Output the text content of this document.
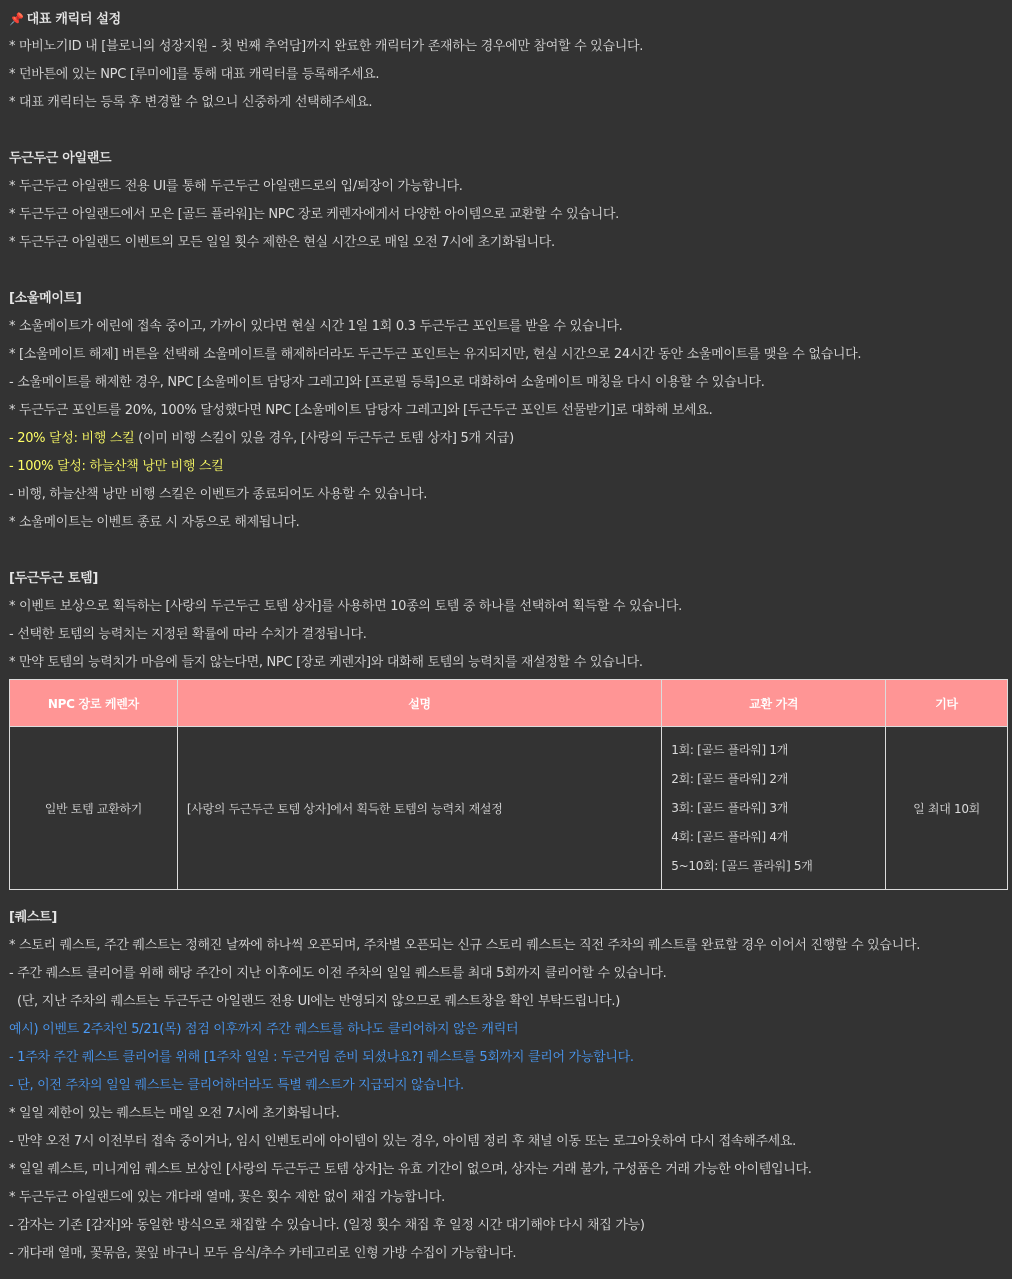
📌 대표 캐릭터 설정
* 마비노기ID 내 [블로니의 성장지원 - 첫 번째 추억담]까지 완료한 캐릭터가 존재하는 경우에만 참여할 수 있습니다.
* 던바튼에 있는 NPC [루미에]를 통해 대표 캐릭터를 등록해주세요.
* 대표 캐릭터는 등록 후 변경할 수 없으니 신중하게 선택해주세요.
두근두근 아일랜드
* 두근두근 아일랜드 전용 UI를 통해 두근두근 아일랜드로의 입/퇴장이 가능합니다.
* 두근두근 아일랜드에서 모은 [골드 플라워]는 NPC 장로 케렌자에게서 다양한 아이템으로 교환할 수 있습니다.
* 두근두근 아일랜드 이벤트의 모든 일일 횟수 제한은 현실 시간으로 매일 오전 7시에 초기화됩니다.
[소울메이트]
* 소울메이트가 에린에 접속 중이고, 가까이 있다면 현실 시간 1일 1회 0.3 두근두근 포인트를 받을 수 있습니다.
* [소울메이트 해제] 버튼을 선택해 소울메이트를 해제하더라도 두근두근 포인트는 유지되지만, 현실 시간으로 24시간 동안 소울메이트를 맺을 수 없습니다.
- 소울메이트를 해제한 경우, NPC [소울메이트 담당자 그레고]와 [프로필 등록]으로 대화하여 소울메이트 매칭을 다시 이용할 수 있습니다.
* 두근두근 포인트를 20%, 100% 달성했다면 NPC [소울메이트 담당자 그레고]와 [두근두근 포인트 선물받기]로 대화해 보세요.
- 20% 달성: 비행 스킬 (이미 비행 스킬이 있을 경우, [사랑의 두근두근 토템 상자] 5개 지급)
- 100% 달성: 하늘산책 낭만 비행 스킬
- 비행, 하늘산책 낭만 비행 스킬은 이벤트가 종료되어도 사용할 수 있습니다.
* 소울메이트는 이벤트 종료 시 자동으로 해제됩니다.
[두근두근 토템]
* 이벤트 보상으로 획득하는 [사랑의 두근두근 토템 상자]를 사용하면 10종의 토템 중 하나를 선택하여 획득할 수 있습니다.
- 선택한 토템의 능력치는 지정된 확률에 따라 수치가 결정됩니다.
* 만약 토템의 능력치가 마음에 들지 않는다면, NPC [장로 케렌자]와 대화해 토템의 능력치를 재설정할 수 있습니다.
NPC 장로 케렌자	설명	교환 가격	기타
일반 토템 교환하기	[사랑의 두근두근 토템 상자]에서 획득한 토템의 능력치 재설정	1회: [골드 플라워] 1개
2회: [골드 플라워] 2개
3회: [골드 플라워] 3개
4회: [골드 플라워] 4개
5~10회: [골드 플라워] 5개	일 최대 10회
[퀘스트]
* 스토리 퀘스트, 주간 퀘스트는 정해진 날짜에 하나씩 오픈되며, 주차별 오픈되는 신규 스토리 퀘스트는 직전 주차의 퀘스트를 완료할 경우 이어서 진행할 수 있습니다.
- 주간 퀘스트 클리어를 위해 해당 주간이 지난 이후에도 이전 주차의 일일 퀘스트를 최대 5회까지 클리어할 수 있습니다.
(단, 지난 주차의 퀘스트는 두근두근 아일랜드 전용 UI에는 반영되지 않으므로 퀘스트창을 확인 부탁드립니다.)
예시) 이벤트 2주차인 5/21(목) 점검 이후까지 주간 퀘스트를 하나도 클리어하지 않은 캐릭터
- 1주차 주간 퀘스트 클리어를 위해 [1주차 일일 : 두근거림 준비 되셨나요?] 퀘스트를 5회까지 클리어 가능합니다.
- 단, 이전 주차의 일일 퀘스트는 클리어하더라도 특별 퀘스트가 지급되지 않습니다.
* 일일 제한이 있는 퀘스트는 매일 오전 7시에 초기화됩니다.
- 만약 오전 7시 이전부터 접속 중이거나, 임시 인벤토리에 아이템이 있는 경우, 아이템 정리 후 채널 이동 또는 로그아웃하여 다시 접속해주세요.
* 일일 퀘스트, 미니게임 퀘스트 보상인 [사랑의 두근두근 토템 상자]는 유효 기간이 없으며, 상자는 거래 불가, 구성품은 거래 가능한 아이템입니다.
* 두근두근 아일랜드에 있는 개다래 열매, 꽃은 횟수 제한 없이 채집 가능합니다.
- 감자는 기존 [감자]와 동일한 방식으로 채집할 수 있습니다. (일정 횟수 채집 후 일정 시간 대기해야 다시 채집 가능)
- 개다래 열매, 꽃묶음, 꽃잎 바구니 모두 음식/추수 카테고리로 인형 가방 수집이 가능합니다.
